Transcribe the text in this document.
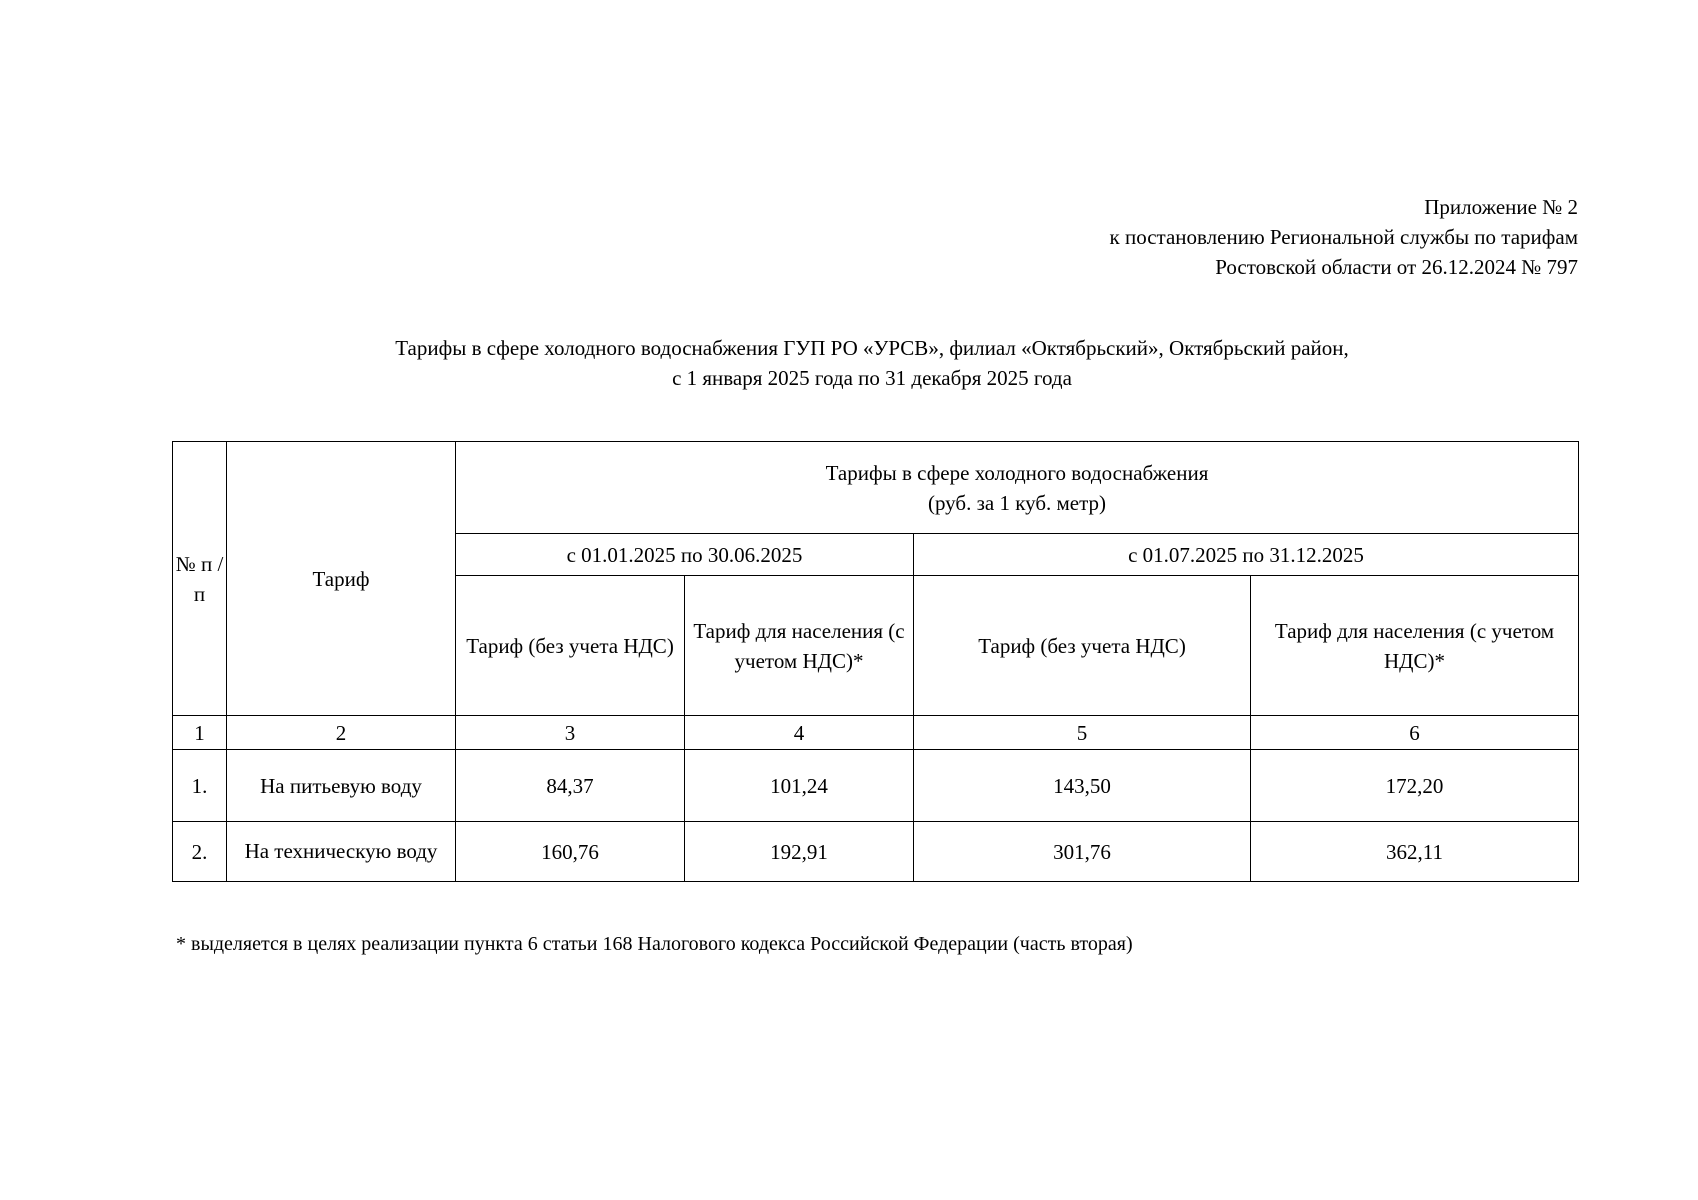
Приложение № 2
к постановлению Региональной службы по тарифам
Ростовской области от 26.12.2024 № 797
Тарифы в сфере холодного водоснабжения ГУП РО «УРСВ», филиал «Октябрьский», Октябрьский район,
с 1 января 2025 года по 31 декабря 2025 года
№ п /п	Тариф	Тарифы в сфере холодного водоснабжения
(руб. за 1 куб. метр)			

		с 01.01.2025 по 30.06.2025		с 01.07.2025 по 31.12.2025	
		Тариф (без учета НДС)	Тариф для населения (с учетом НДС)*	Тариф (без учета НДС)	Тариф для населения (с учетом НДС)*
1	2	3	4	5	6
1.	На питьевую воду	84,37	101,24	143,50	172,20
2.	На техническую воду	160,76	192,91	301,76	362,11
* выделяется в целях реализации пункта 6 статьи 168 Налогового кодекса Российской Федерации (часть вторая)
